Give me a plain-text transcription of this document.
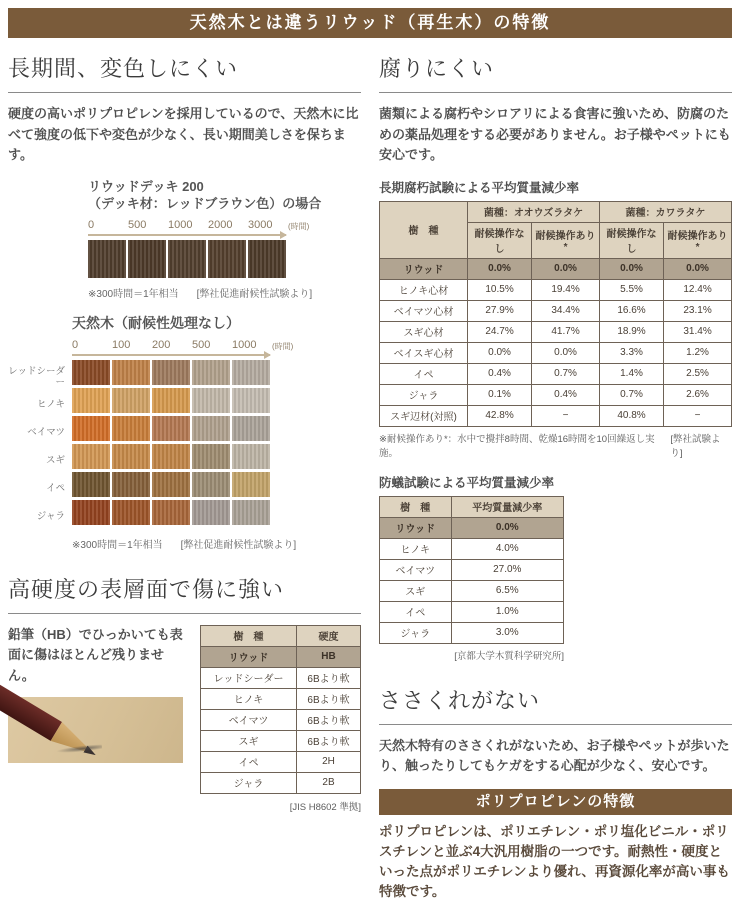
天然木とは違うリウッド（再生木）の特徴
長期間、変色しにくい

硬度の高いポリプロピレンを採用しているので、天然木に比べて強度の低下や変色が少なく、長い期間美しさを保ちます。

リウッドデッキ 200
（デッキ材：レッドブラウン色）の場合
0	500	1000	2000	3000	(時間)
※300時間＝1年相当 [弊社促進耐候性試験より]
天然木（耐候性処理なし）
レッドシーダー
ヒノキ
ベイマツ
スギ
イペ
ジャラ
0	100	200	500	1000	(時間)
※300時間＝1年相当 [弊社促進耐候性試験より]
高硬度の表層面で傷に強い

鉛筆（HB）でひっかいても表面に傷はほとんど残りません。

樹　種	硬度
リウッド	HB
レッドシーダー	6Bより軟
ヒノキ	6Bより軟
ベイマツ	6Bより軟
スギ	6Bより軟
イペ	2H
ジャラ	2B
[JIS H8602 準拠]
腐りにくい

菌類による腐朽やシロアリによる食害に強いため、防腐のための薬品処理をする必要がありません。お子様やペットにも安心です。

長期腐朽試験による平均質量減少率
樹　種	菌種：オオウズラタケ		菌種：カワラタケ	
	耐候操作なし	耐候操作あり*	耐候操作なし	耐候操作あり*
リウッド	0.0%	0.0%	0.0%	0.0%
ヒノキ心材	10.5%	19.4%	5.5%	12.4%
ベイマツ心材	27.9%	34.4%	16.6%	23.1%
スギ心材	24.7%	41.7%	18.9%	31.4%
ベイスギ心材	0.0%	0.0%	3.3%	1.2%
イペ	0.4%	0.7%	1.4%	2.5%
ジャラ	0.1%	0.4%	0.7%	2.6%
スギ辺材(対照)	42.8%	−	40.8%	−
※耐候操作あり*：水中で攪拌8時間、乾燥16時間を10回繰返し実施。
[弊社試験より]
防蟻試験による平均質量減少率
樹　種	平均質量減少率
リウッド	0.0%
ヒノキ	4.0%
ベイマツ	27.0%
スギ	6.5%
イペ	1.0%
ジャラ	3.0%
[京都大学木質科学研究所]
ささくれがない

天然木特有のささくれがないため、お子様やペットが歩いたり、触ったりしてもケガをする心配が少なく、安心です。

ポリプロピレンの特徴

ポリプロピレンは、ポリエチレン・ポリ塩化ビニル・ポリスチレンと並ぶ4大汎用樹脂の一つです。耐熱性・硬度といった点がポリエチレンより優れ、再資源化率が高い事も特徴です。
